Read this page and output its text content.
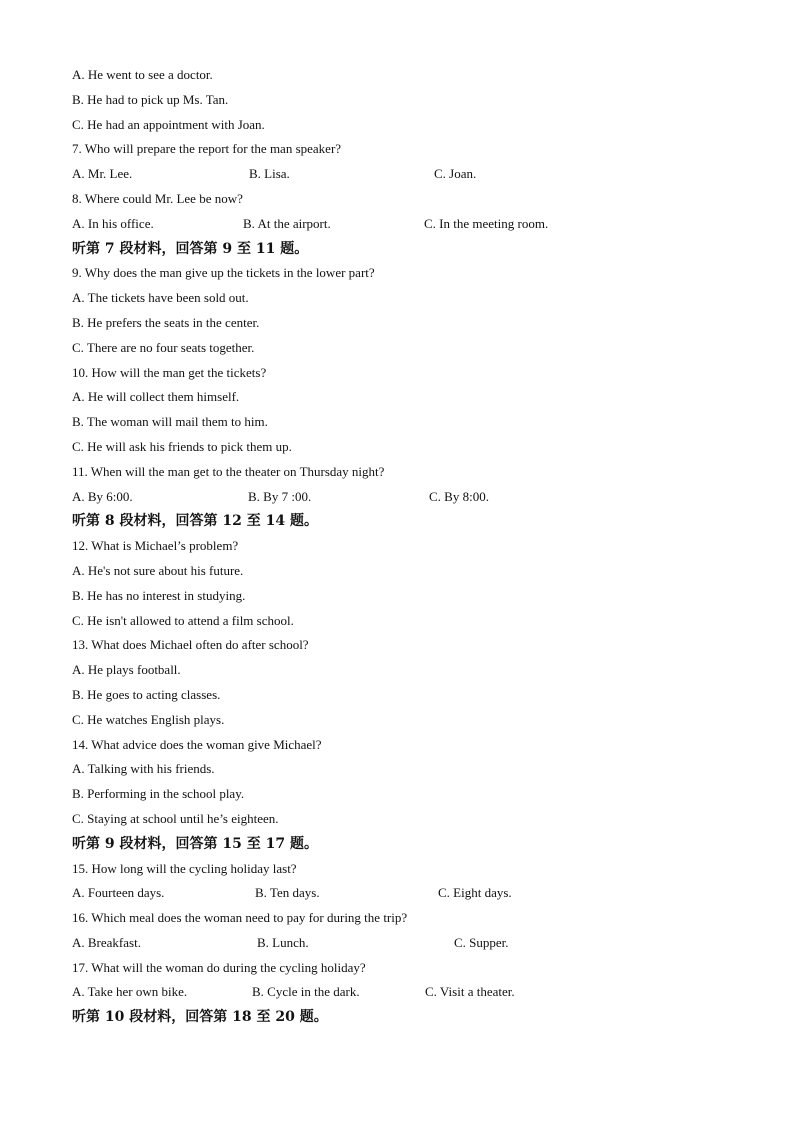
A. He went to see a doctor.
B. He had to pick up Ms. Tan.
C. He had an appointment with Joan.
7. Who will prepare the report for the man speaker?
A. Mr. Lee.	B. Lisa.	C. Joan.
8. Where could Mr. Lee be now?
A. In his office.	B. At the airport.	C. In the meeting room.
听第 7 段材料，回答第 9 至 11 题。
9. Why does the man give up the tickets in the lower part?
A. The tickets have been sold out.
B. He prefers the seats in the center.
C. There are no four seats together.
10. How will the man get the tickets?
A. He will collect them himself.
B. The woman will mail them to him.
C. He will ask his friends to pick them up.
11. When will the man get to the theater on Thursday night?
A. By 6:00.	B. By 7 :00.	C. By 8:00.
听第 8 段材料，回答第 12 至 14 题。
12. What is Michael’s problem?
A. He's not sure about his future.
B. He has no interest in studying.
C. He isn't allowed to attend a film school.
13. What does Michael often do after school?
A. He plays football.
B. He goes to acting classes.
C. He watches English plays.
14. What advice does the woman give Michael?
A. Talking with his friends.
B. Performing in the school play.
C. Staying at school until he’s eighteen.
听第 9 段材料，回答第 15 至 17 题。
15. How long will the cycling holiday last?
A. Fourteen days.	B. Ten days.	C. Eight days.
16. Which meal does the woman need to pay for during the trip?
A. Breakfast.	B. Lunch.	C. Supper.
17. What will the woman do during the cycling holiday?
A. Take her own bike.	B. Cycle in the dark.	C. Visit a theater.
听第 10 段材料，回答第 18 至 20 题。
